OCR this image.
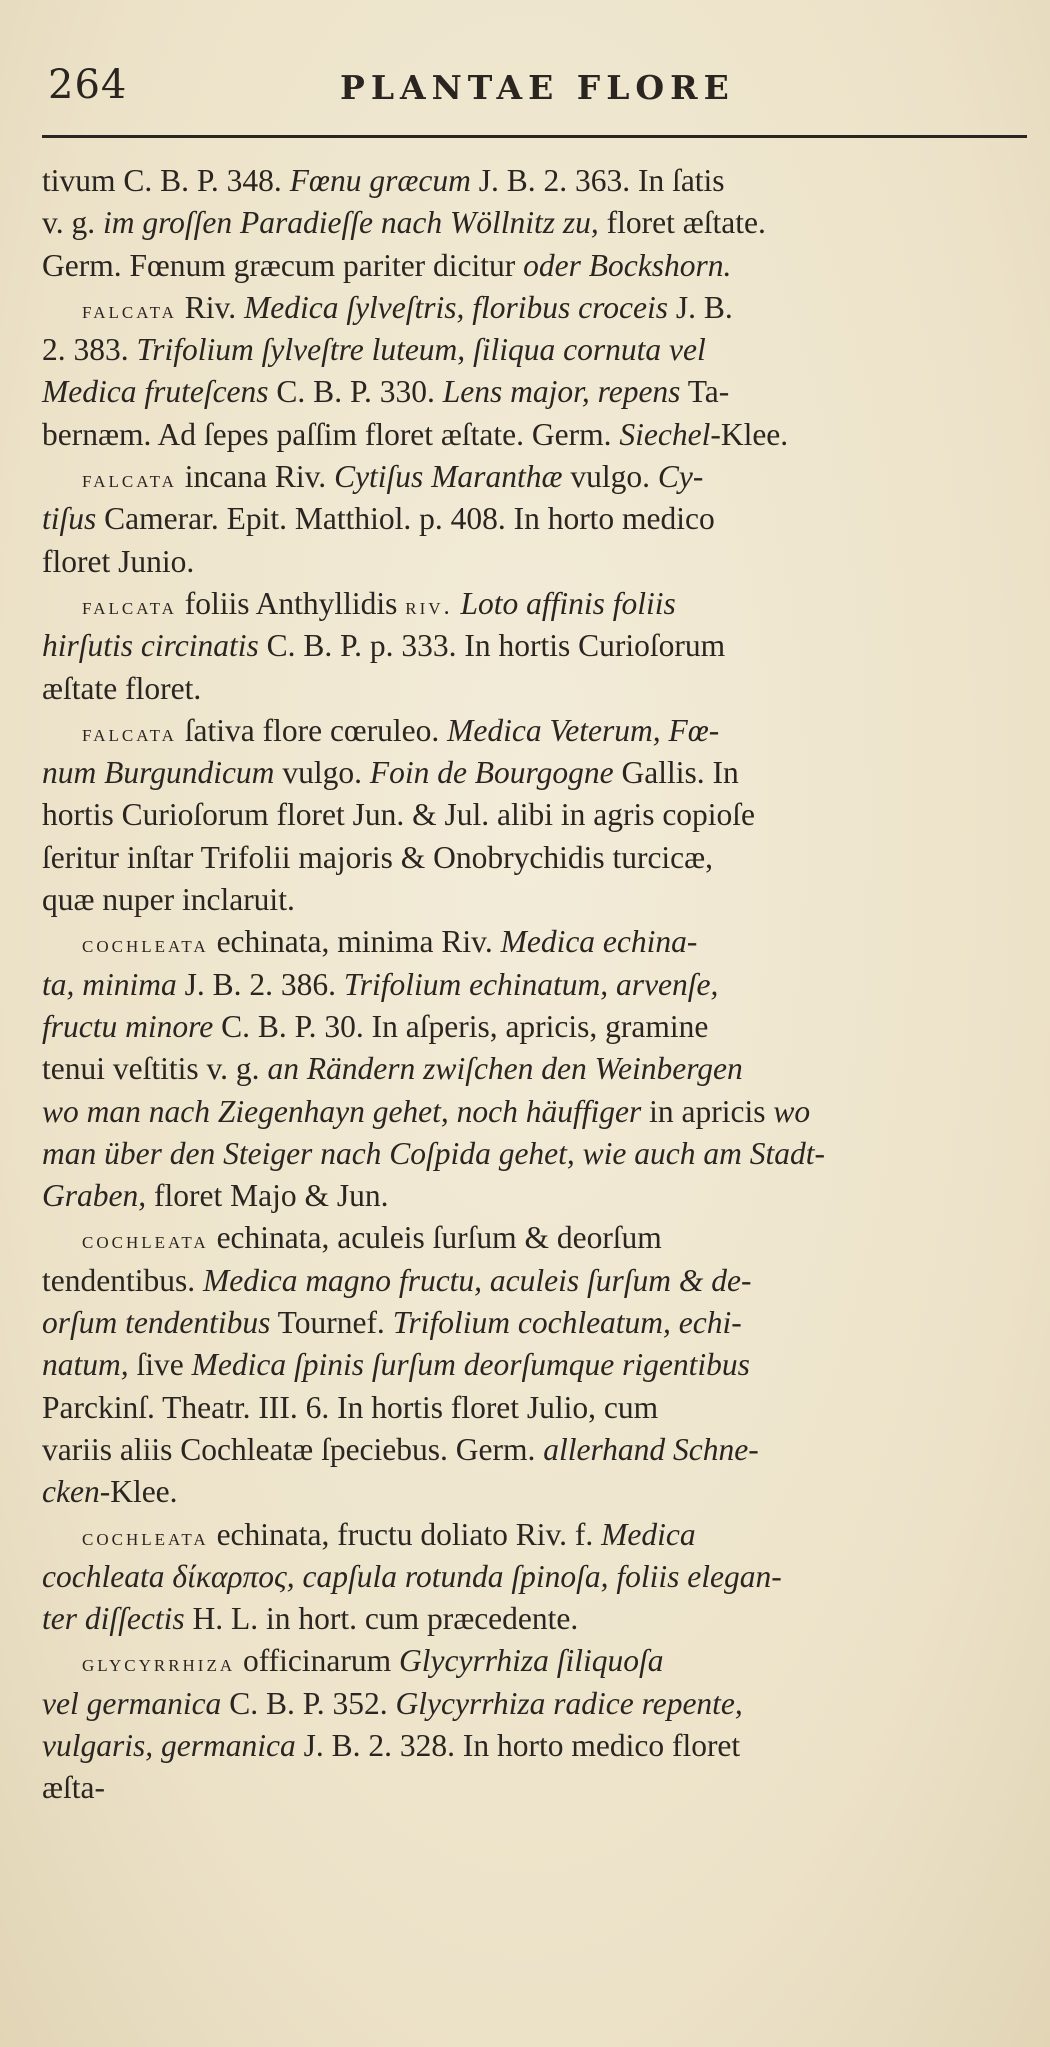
264	PLANTAE FLORE
tivum C. B. P. 348. Fœnu græcum J. B. 2. 363. In ſatis
v. g. im groſſen Paradieſſe nach Wöllnitz zu, floret æſtate.
Germ. Fœnum græcum pariter dicitur oder Bockshorn.
falcata Riv. Medica ſylveſtris, floribus croceis J. B.
2. 383. Trifolium ſylveſtre luteum, ſiliqua cornuta vel
Medica fruteſcens C. B. P. 330. Lens major, repens Ta-
bernæm. Ad ſepes paſſim floret æſtate. Germ. Siechel-Klee.
falcata incana Riv. Cytiſus Maranthæ vulgo. Cy-
tiſus Camerar. Epit. Matthiol. p. 408. In horto medico
floret Junio.
falcata foliis Anthyllidis riv. Loto affinis foliis
hirſutis circinatis C. B. P. p. 333. In hortis Curioſorum
æſtate floret.
falcata ſativa flore cœruleo. Medica Veterum, Fœ-
num Burgundicum vulgo. Foin de Bourgogne Gallis. In
hortis Curioſorum floret Jun. & Jul. alibi in agris copioſe
ſeritur inſtar Trifolii majoris & Onobrychidis turcicæ,
quæ nuper inclaruit.
cochleata echinata, minima Riv. Medica echina-
ta, minima J. B. 2. 386. Trifolium echinatum, arvenſe,
fructu minore C. B. P. 30. In aſperis, apricis, gramine
tenui veſtitis v. g. an Rändern zwiſchen den Weinbergen
wo man nach Ziegenhayn gehet, noch häuffiger in apricis wo
man über den Steiger nach Coſpida gehet, wie auch am Stadt-
Graben, floret Majo & Jun.
cochleata echinata, aculeis ſurſum & deorſum
tendentibus. Medica magno fructu, aculeis ſurſum & de-
orſum tendentibus Tournef. Trifolium cochleatum, echi-
natum, ſive Medica ſpinis ſurſum deorſumque rigentibus
Parckinſ. Theatr. III. 6. In hortis floret Julio, cum
variis aliis Cochleatæ ſpeciebus. Germ. allerhand Schne-
cken-Klee.
cochleata echinata, fructu doliato Riv. f. Medica
cochleata δίκαρπος, capſula rotunda ſpinoſa, foliis elegan-
ter diſſectis H. L. in hort. cum præcedente.
glycyrrhiza officinarum Glycyrrhiza ſiliquoſa
vel germanica C. B. P. 352. Glycyrrhiza radice repente,
vulgaris, germanica J. B. 2. 328. In horto medico floret
æſta-
